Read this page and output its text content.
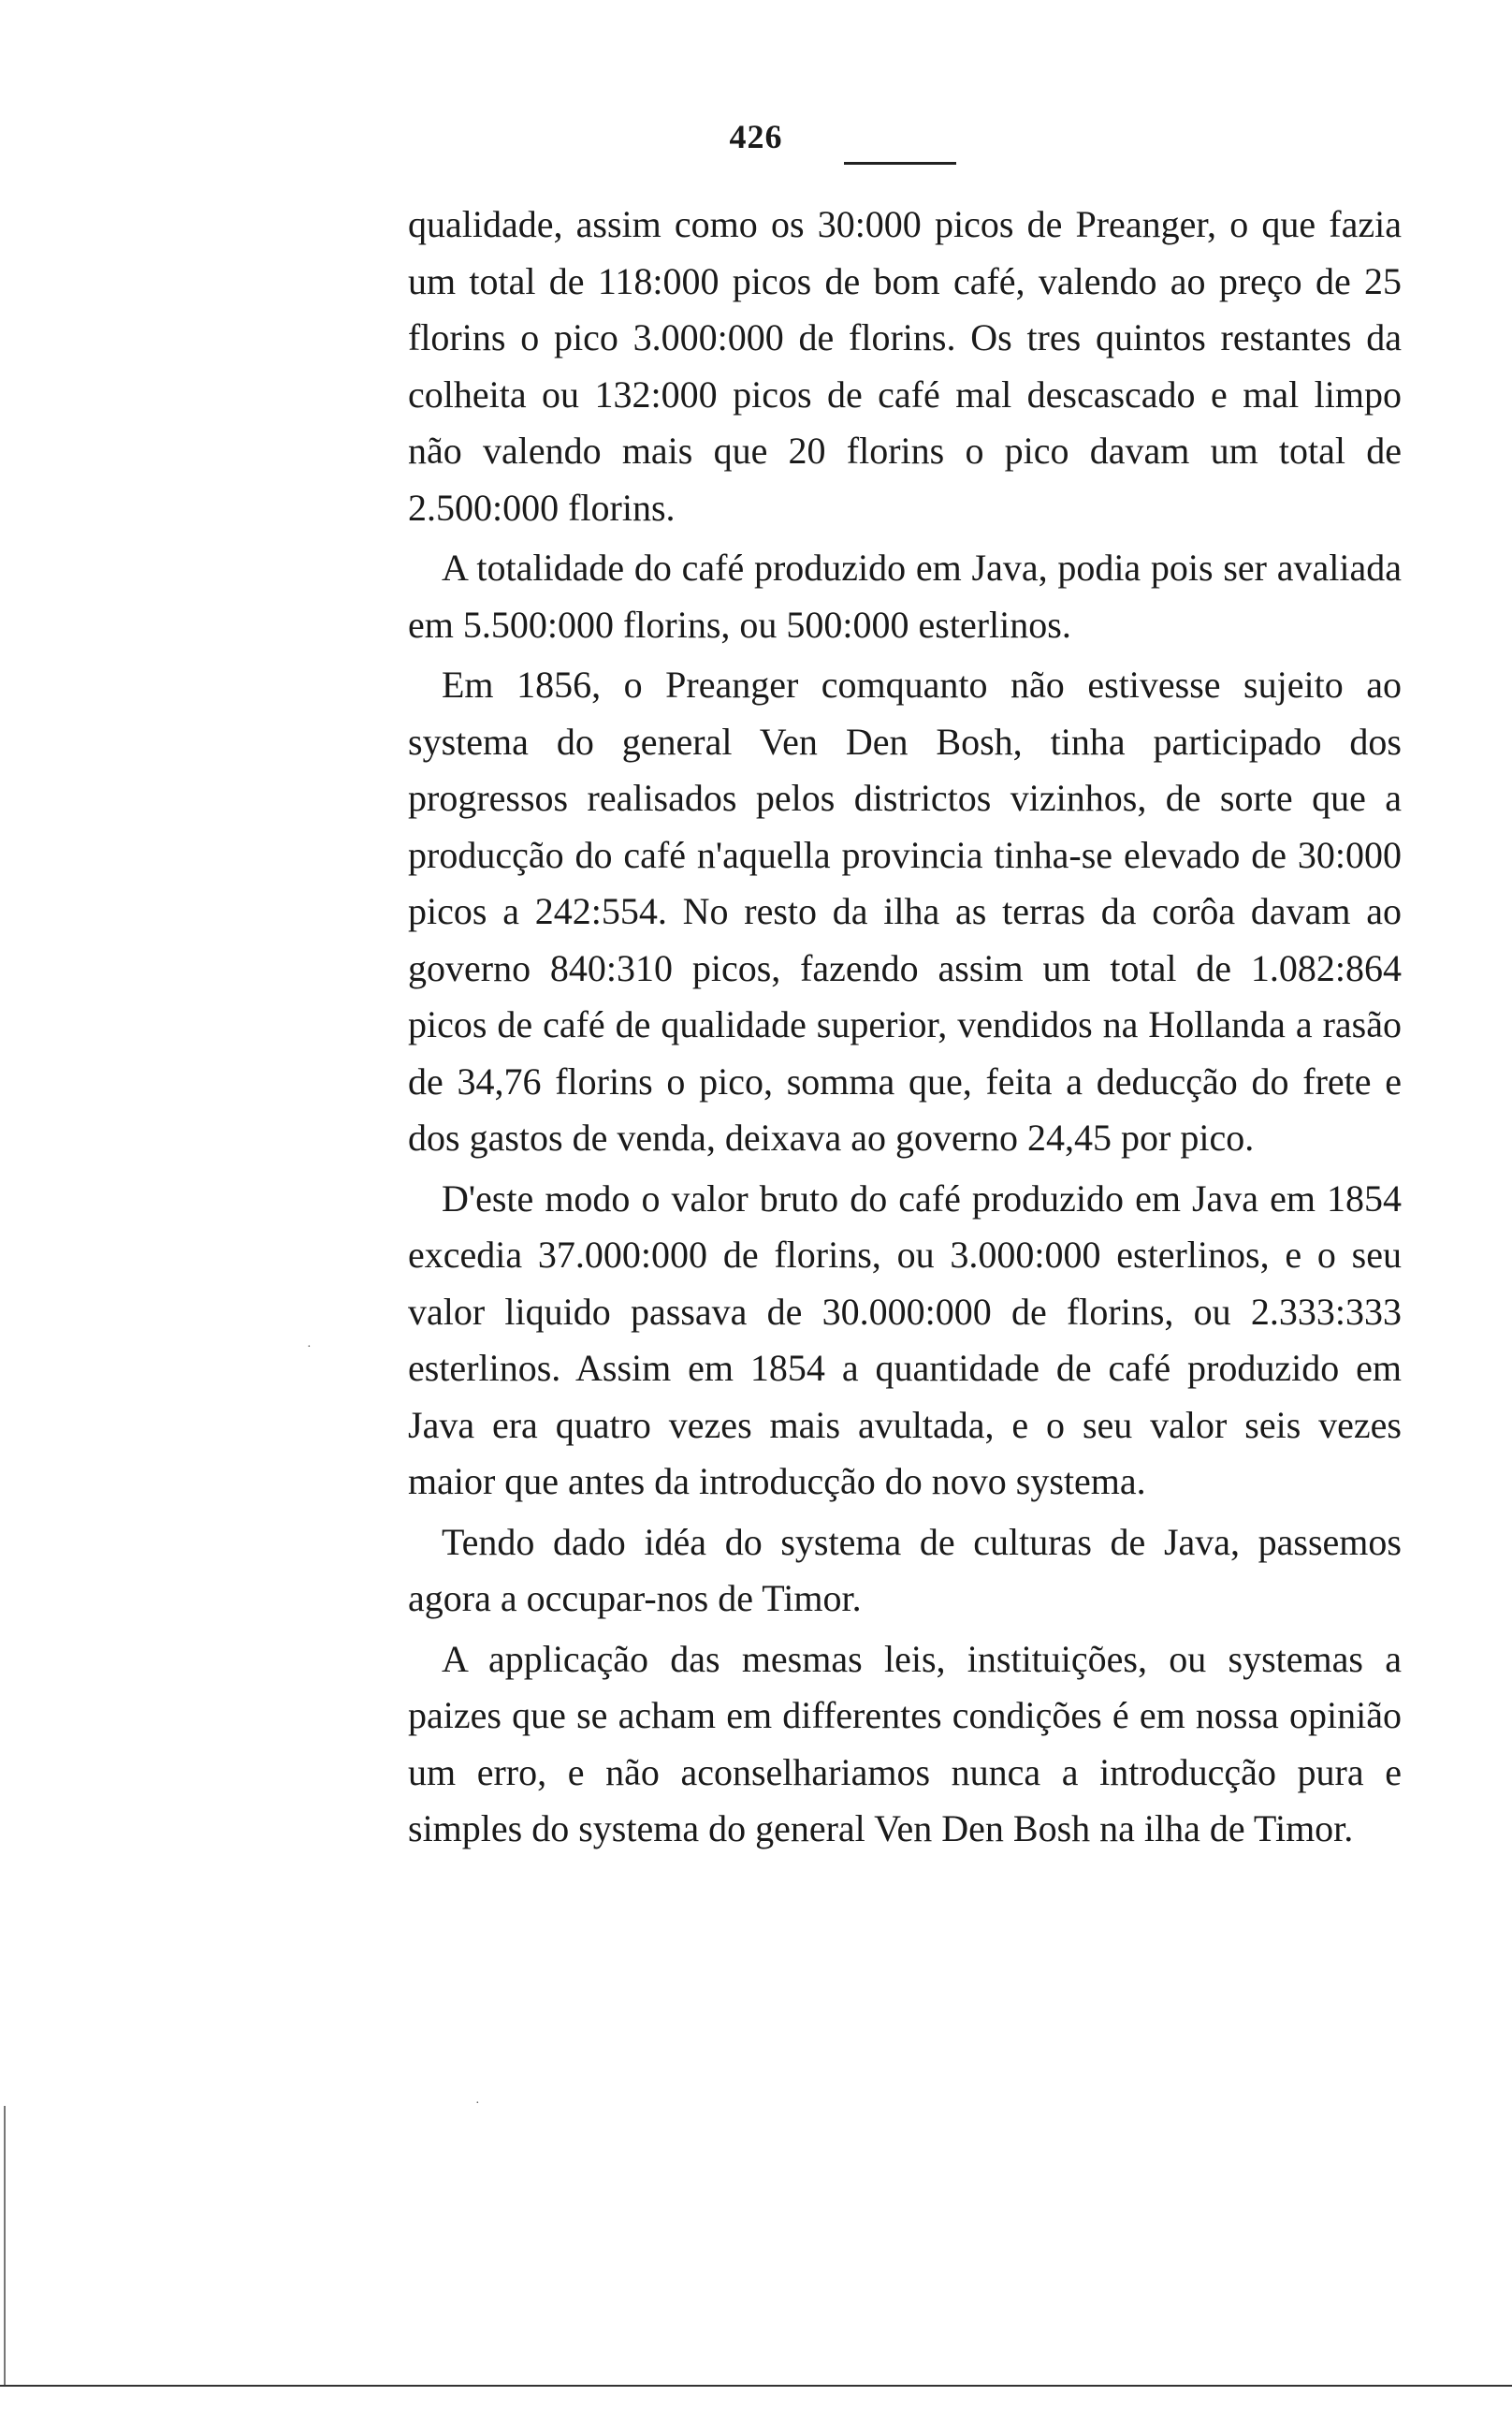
426

qualidade, assim como os 30:000 picos de Preanger, o que fazia um total de 118:000 picos de bom café, valendo ao preço de 25 florins o pico 3.000:000 de florins. Os tres quintos restantes da colheita ou 132:000 picos de café mal descascado e mal limpo não valendo mais que 20 florins o pico davam um total de 2.500:000 florins.

A totalidade do café produzido em Java, podia pois ser avaliada em 5.500:000 florins, ou 500:000 esterlinos.

Em 1856, o Preanger comquanto não estivesse sujeito ao systema do general Ven Den Bosh, tinha participado dos progressos realisados pelos districtos vizinhos, de sorte que a producção do café n'aquella provincia tinha-se elevado de 30:000 picos a 242:554. No resto da ilha as terras da corôa davam ao governo 840:310 picos, fazendo assim um total de 1.082:864 picos de café de qualidade superior, vendidos na Hollanda a rasão de 34,76 florins o pico, somma que, feita a deducção do frete e dos gastos de venda, deixava ao governo 24,45 por pico.

D'este modo o valor bruto do café produzido em Java em 1854 excedia 37.000:000 de florins, ou 3.000:000 esterlinos, e o seu valor liquido passava de 30.000:000 de florins, ou 2.333:333 esterlinos. Assim em 1854 a quantidade de café produzido em Java era quatro vezes mais avultada, e o seu valor seis vezes maior que antes da introducção do novo systema.

Tendo dado idéa do systema de culturas de Java, passemos agora a occupar-nos de Timor.

A applicação das mesmas leis, instituições, ou systemas a paizes que se acham em differentes condições é em nossa opinião um erro, e não aconselhariamos nunca a introducção pura e simples do systema do general Ven Den Bosh na ilha de Timor.

·
·
